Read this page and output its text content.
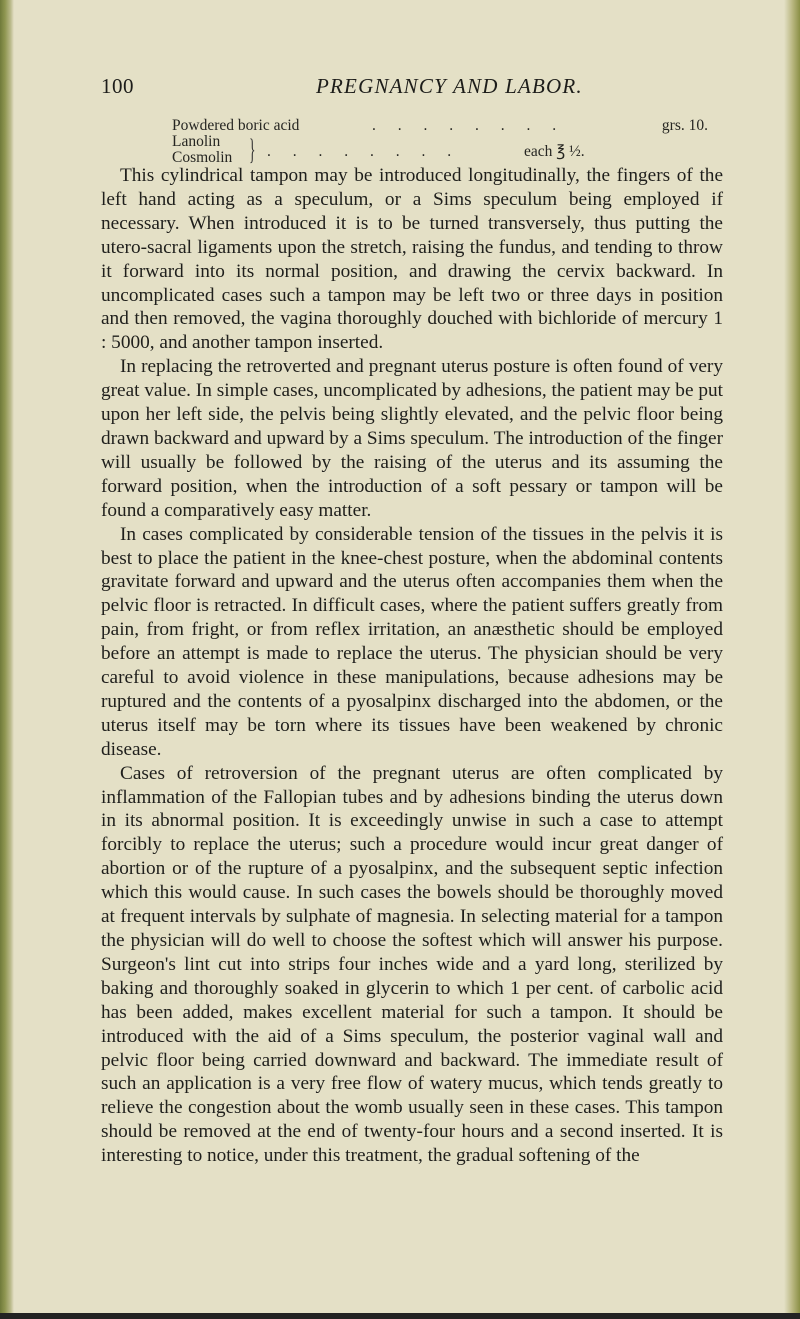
100	PREGNANCY AND LABOR.
Powdered boric acid	. . . . . . . .	grs. 10.
Lanolin
Cosmolin } . . . . . . . .	each ℥ ½.

This cylindrical tampon may be introduced longitudinally, the fingers of the left hand acting as a speculum, or a Sims speculum being employed if necessary. When introduced it is to be turned transversely, thus putting the utero-sacral ligaments upon the stretch, raising the fundus, and tending to throw it forward into its normal position, and drawing the cervix backward. In uncomplicated cases such a tampon may be left two or three days in position and then removed, the vagina thoroughly douched with bichloride of mercury 1 : 5000, and another tampon inserted.

In replacing the retroverted and pregnant uterus posture is often found of very great value. In simple cases, uncomplicated by adhesions, the patient may be put upon her left side, the pelvis being slightly elevated, and the pelvic floor being drawn backward and upward by a Sims speculum. The introduction of the finger will usually be followed by the raising of the uterus and its assuming the forward position, when the introduction of a soft pessary or tampon will be found a comparatively easy matter.

In cases complicated by considerable tension of the tissues in the pelvis it is best to place the patient in the knee-chest posture, when the abdominal contents gravitate forward and upward and the uterus often accompanies them when the pelvic floor is retracted. In difficult cases, where the patient suffers greatly from pain, from fright, or from reflex irritation, an anæsthetic should be employed before an attempt is made to replace the uterus. The physician should be very careful to avoid violence in these manipulations, because adhesions may be ruptured and the contents of a pyosalpinx discharged into the abdomen, or the uterus itself may be torn where its tissues have been weakened by chronic disease.

Cases of retroversion of the pregnant uterus are often complicated by inflammation of the Fallopian tubes and by adhesions binding the uterus down in its abnormal position. It is exceedingly unwise in such a case to attempt forcibly to replace the uterus; such a procedure would incur great danger of abortion or of the rupture of a pyosalpinx, and the subsequent septic infection which this would cause. In such cases the bowels should be thoroughly moved at frequent intervals by sulphate of magnesia. In selecting material for a tampon the physician will do well to choose the softest which will answer his purpose. Surgeon's lint cut into strips four inches wide and a yard long, sterilized by baking and thoroughly soaked in glycerin to which 1 per cent. of carbolic acid has been added, makes excellent material for such a tampon. It should be introduced with the aid of a Sims speculum, the posterior vaginal wall and pelvic floor being carried downward and backward. The immediate result of such an application is a very free flow of watery mucus, which tends greatly to relieve the congestion about the womb usually seen in these cases. This tampon should be removed at the end of twenty-four hours and a second inserted. It is interesting to notice, under this treatment, the gradual softening of the
